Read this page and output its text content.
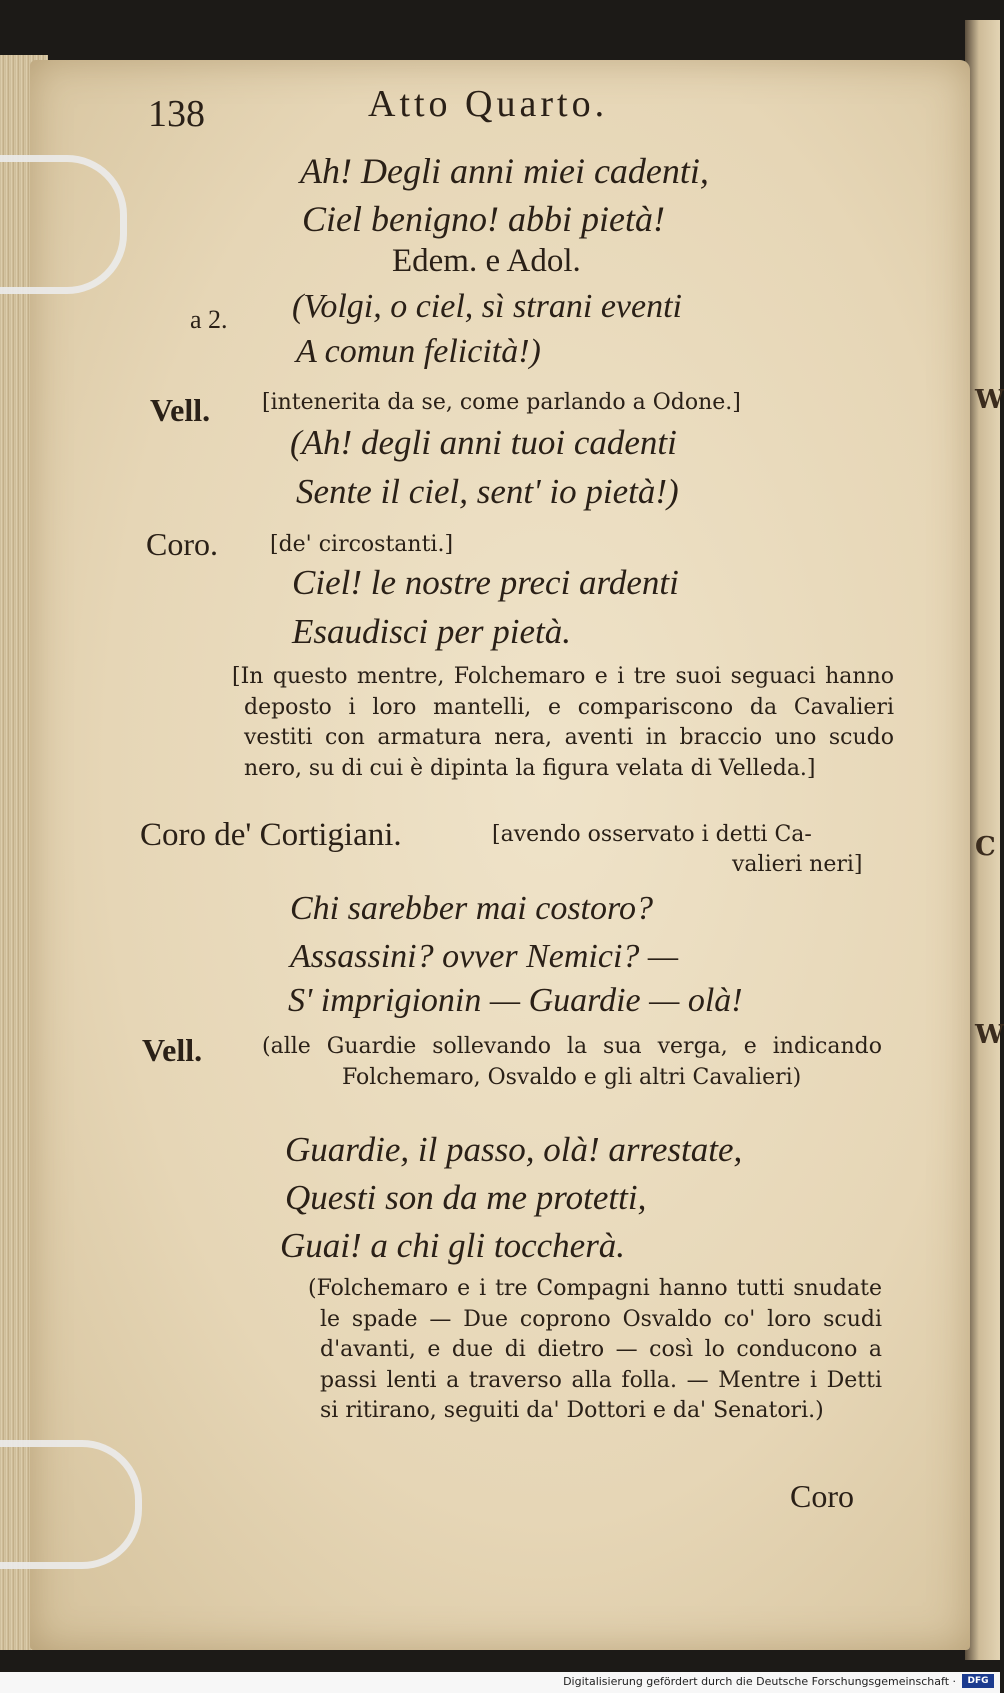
W
C
W
138	Atto Quarto.
Ah! Degli anni miei cadenti,
Ciel benigno! abbi pietà!
Edem. e Adol.
a 2. (Volgi, o ciel, sì strani eventi
A comun felicità!)
Vell. [intenerita da se, come parlando a Odone.]
(Ah! degli anni tuoi cadenti
Sente il ciel, sent' io pietà!)
Coro. [de' circostanti.]
Ciel! le nostre preci ardenti
Esaudisci per pietà.
[In questo mentre, Folchemaro e i tre suoi seguaci hanno deposto i loro mantelli, e compariscono da Cavalieri vestiti con armatura nera, aventi in braccio uno scudo nero, su di cui è dipinta la figura velata di Velleda.]
Coro de' Cortigiani.	[avendo osservato i detti Ca-
valieri neri]
Chi sarebber mai costoro?
Assassini? ovver Nemici? —
S' imprigionin — Guardie — olà!
Vell.	(alle Guardie sollevando la sua verga, e indicando Folchemaro, Osvaldo e gli altri Cavalieri)
Guardie, il passo, olà! arrestate,
Questi son da me protetti,
Guai! a chi gli toccherà.
(Folchemaro e i tre Compagni hanno tutti snudate le spade — Due coprono Osvaldo co' loro scudi d'avanti, e due di dietro — così lo conducono a passi lenti a traverso alla folla. — Mentre i Detti si ritirano, seguiti da' Dottori e da' Senatori.)
Coro
Digitalisierung gefördert durch die Deutsche Forschungsgemeinschaft ·	DFG
